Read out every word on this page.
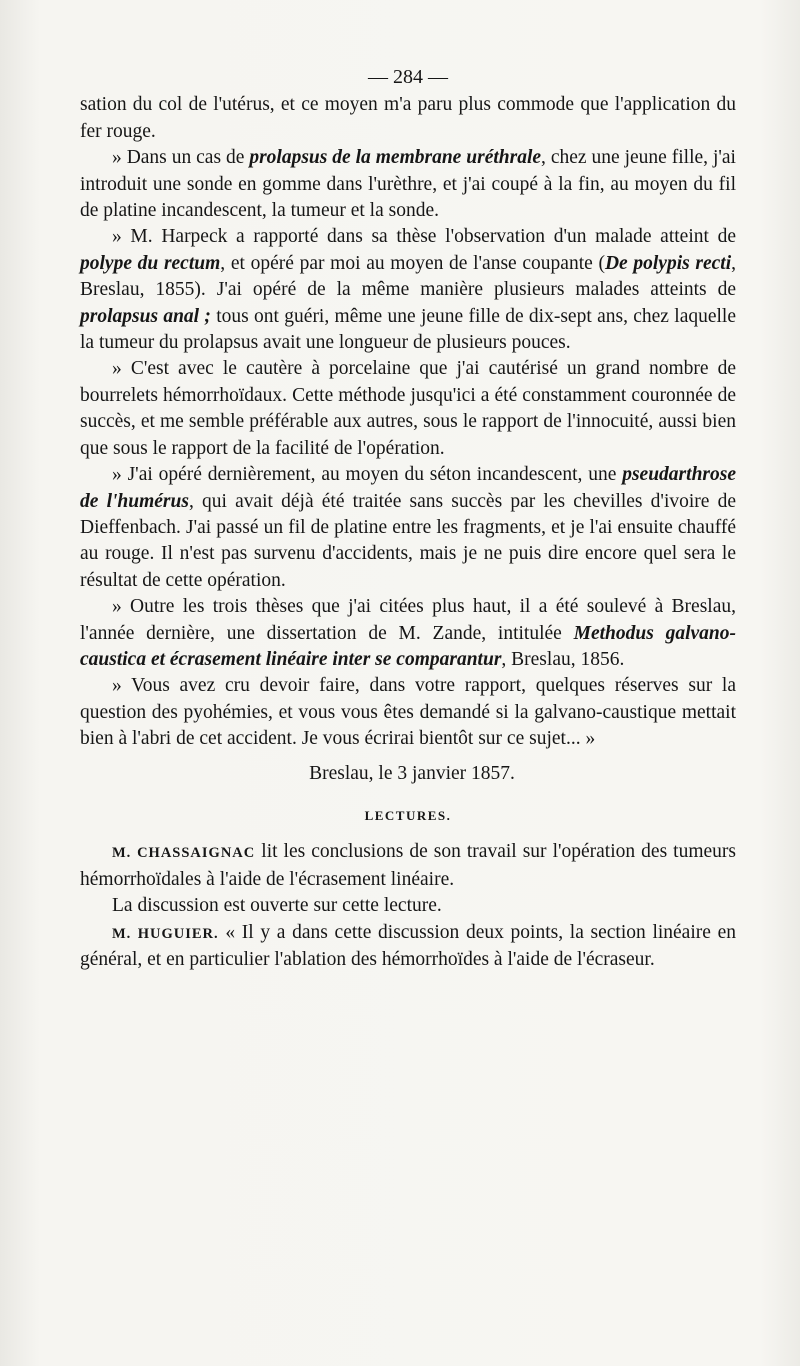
— 284 —

sation du col de l'utérus, et ce moyen m'a paru plus commode que l'application du fer rouge.

» Dans un cas de prolapsus de la membrane uréthrale, chez une jeune fille, j'ai introduit une sonde en gomme dans l'urèthre, et j'ai coupé à la fin, au moyen du fil de platine incandescent, la tumeur et la sonde.

» M. Harpeck a rapporté dans sa thèse l'observation d'un malade atteint de polype du rectum, et opéré par moi au moyen de l'anse coupante (De polypis recti, Breslau, 1855). J'ai opéré de la même manière plusieurs malades atteints de prolapsus anal ; tous ont guéri, même une jeune fille de dix-sept ans, chez laquelle la tumeur du prolapsus avait une longueur de plusieurs pouces.

» C'est avec le cautère à porcelaine que j'ai cautérisé un grand nombre de bourrelets hémorrhoïdaux. Cette méthode jusqu'ici a été constamment couronnée de succès, et me semble préférable aux autres, sous le rapport de l'innocuité, aussi bien que sous le rapport de la facilité de l'opération.

» J'ai opéré dernièrement, au moyen du séton incandescent, une pseudarthrose de l'humérus, qui avait déjà été traitée sans succès par les chevilles d'ivoire de Dieffenbach. J'ai passé un fil de platine entre les fragments, et je l'ai ensuite chauffé au rouge. Il n'est pas survenu d'accidents, mais je ne puis dire encore quel sera le résultat de cette opération.

» Outre les trois thèses que j'ai citées plus haut, il a été soulevé à Breslau, l'année dernière, une dissertation de M. Zande, intitulée Methodus galvano-caustica et écrasement linéaire inter se comparantur, Breslau, 1856.

» Vous avez cru devoir faire, dans votre rapport, quelques réserves sur la question des pyohémies, et vous vous êtes demandé si la galvano-caustique mettait bien à l'abri de cet accident. Je vous écrirai bientôt sur ce sujet... »

Breslau, le 3 janvier 1857.
LECTURES.

M. CHASSAIGNAC lit les conclusions de son travail sur l'opération des tumeurs hémorrhoïdales à l'aide de l'écrasement linéaire.

La discussion est ouverte sur cette lecture.

M. HUGUIER. « Il y a dans cette discussion deux points, la section linéaire en général, et en particulier l'ablation des hémorrhoïdes à l'aide de l'écraseur.
